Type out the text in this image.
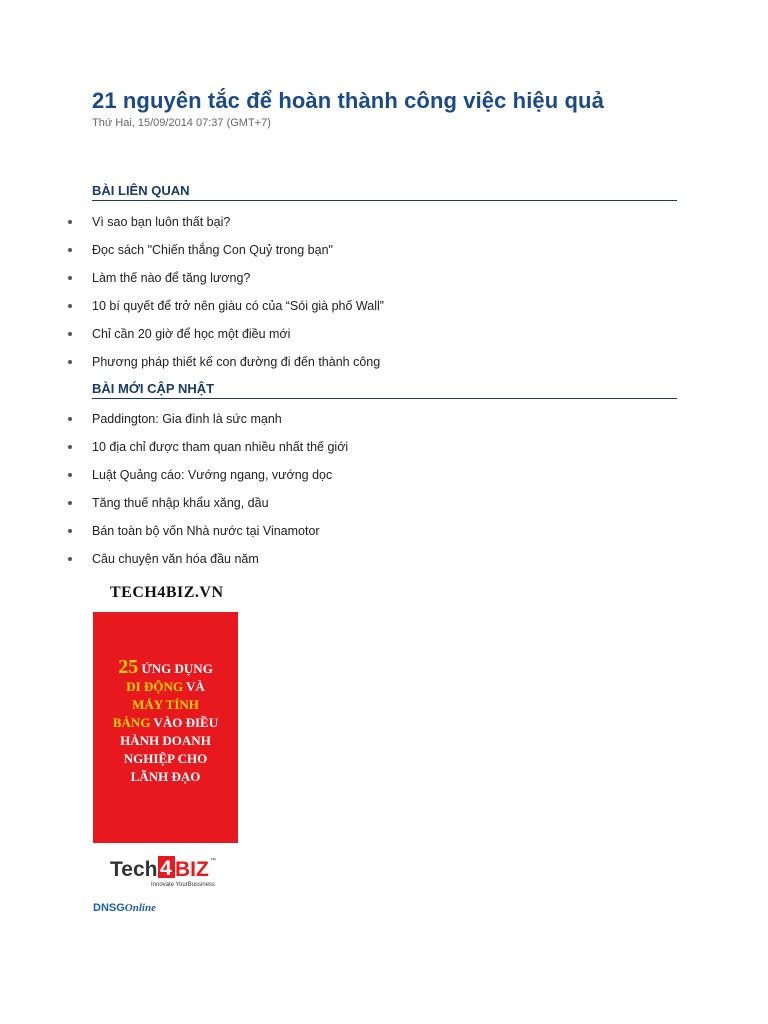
21 nguyên tắc để hoàn thành công việc hiệu quả
Thứ Hai, 15/09/2014 07:37 (GMT+7)
BÀI LIÊN QUAN
Vì sao bạn luôn thất bại?
Đọc sách "Chiến thắng Con Quỷ trong bạn"
Làm thế nào để tăng lương?
10 bí quyết để trở nên giàu có của “Sói già phố Wall”
Chỉ cần 20 giờ để học một điều mới
Phương pháp thiết kế con đường đi đến thành công
BÀI MỚI CẬP NHẬT
Paddington: Gia đình là sức mạnh
10 địa chỉ được tham quan nhiều nhất thế giới
Luật Quảng cáo: Vướng ngang, vướng dọc
Tăng thuế nhập khẩu xăng, dầu
Bán toàn bộ vốn Nhà nước tại Vinamotor
Câu chuyện văn hóa đầu năm
TECH4BIZ.VN
25 ỨNG DỤNG
DI ĐỘNG VÀ
MÁY TÍNH
BẢNG VÀO ĐIỀU
HÀNH DOANH
NGHIỆP CHO
LÃNH ĐẠO
Tech 4 BIZ ™
Innovate YourBussiness
DNSGOnline
